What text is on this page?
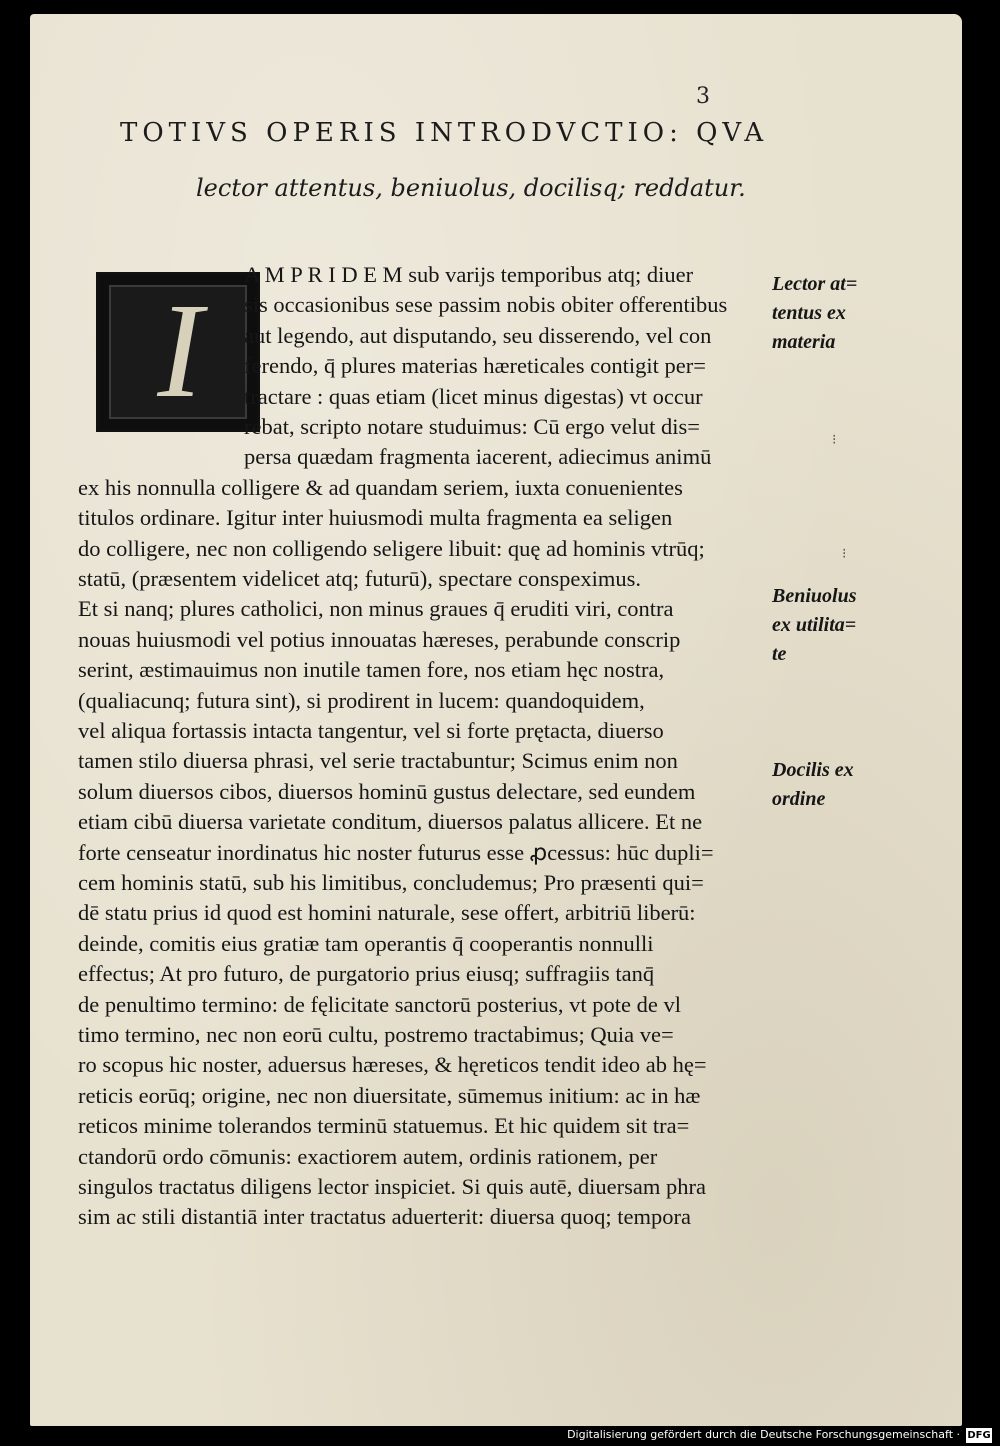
3
TOTIVS OPERIS INTRODVCTIO: QVA
lector attentus, beniuolus, docilisq; reddatur.
I
A M P R I D E M sub varijs temporibus atq; diuer
sis occasionibus sese passim nobis obiter offerentibus
aut legendo, aut disputando, seu disserendo, vel con
ferendo, q̄ plures materias hæreticales contigit per=
tractare : quas etiam (licet minus digestas) vt occur
rebat, scripto notare studuimus: Cū ergo velut dis=
persa quædam fragmenta iacerent, adiecimus animū
ex his nonnulla colligere & ad quandam seriem, iuxta conuenientes
titulos ordinare. Igitur inter huiusmodi multa fragmenta ea seligen
do colligere, nec non colligendo seligere libuit: quę ad hominis vtrūq;
statū, (præsentem videlicet atq; futurū), spectare conspeximus.
Et si nanq; plures catholici, non minus graues q̄ eruditi viri, contra
nouas huiusmodi vel potius innouatas hæreses, perabunde conscrip
serint, æstimauimus non inutile tamen fore, nos etiam hęc nostra,
(qualiacunq; futura sint), si prodirent in lucem: quandoquidem,
vel aliqua fortassis intacta tangentur, vel si forte prętacta, diuerso
tamen stilo diuersa phrasi, vel serie tractabuntur; Scimus enim non
solum diuersos cibos, diuersos hominū gustus delectare, sed eundem
etiam cibū diuersa varietate conditum, diuersos palatus allicere. Et ne
forte censeatur inordinatus hic noster futurus esse ꝓcessus: hūc dupli=
cem hominis statū, sub his limitibus, concludemus; Pro præsenti qui=
dē statu prius id quod est homini naturale, sese offert, arbitriū liberū:
deinde, comitis eius gratiæ tam operantis q̄ cooperantis nonnulli
effectus; At pro futuro, de purgatorio prius eiusq; suffragiis tanq̄
de penultimo termino: de fęlicitate sanctorū posterius, vt pote de vl
timo termino, nec non eorū cultu, postremo tractabimus; Quia ve=
ro scopus hic noster, aduersus hæreses, & hęreticos tendit ideo ab hę=
reticis eorūq; origine, nec non diuersitate, sūmemus initium: ac in hæ
reticos minime tolerandos terminū statuemus. Et hic quidem sit tra=
ctandorū ordo cōmunis: exactiorem autem, ordinis rationem, per
singulos tractatus diligens lector inspiciet. Si quis autē, diuersam phra
sim ac stili distantiā inter tractatus aduerterit: diuersa quoq; tempora
Lector at=
tentus ex
materia
Beniuolus
ex utilita=
te
Docilis ex
ordine
⁝
⁝
Digitalisierung gefördert durch die Deutsche Forschungsgemeinschaft · DFG
